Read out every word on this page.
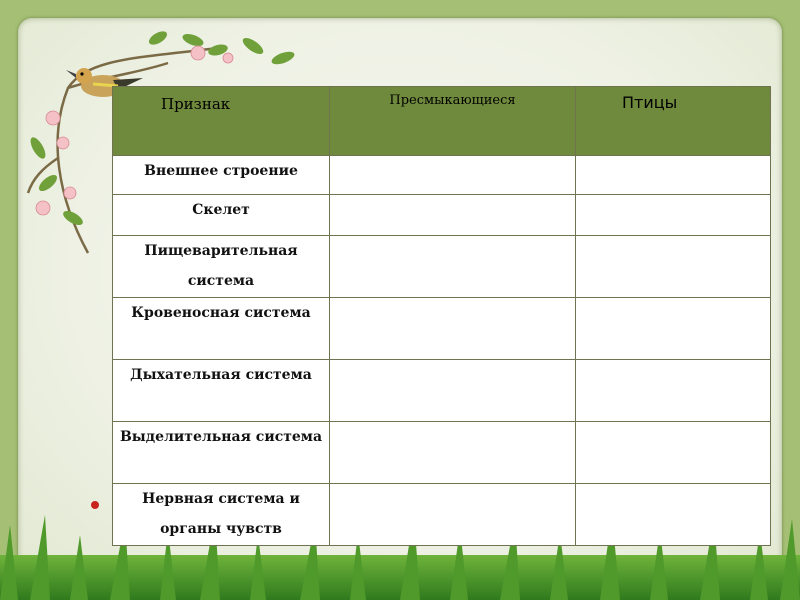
Признак	Пресмыкающиеся	Птицы
Внешнее строение		
Скелет		
Пищеварительная система		
Кровеносная система		
Дыхательная система		
Выделительная система		
Нервная система и органы чувств		
